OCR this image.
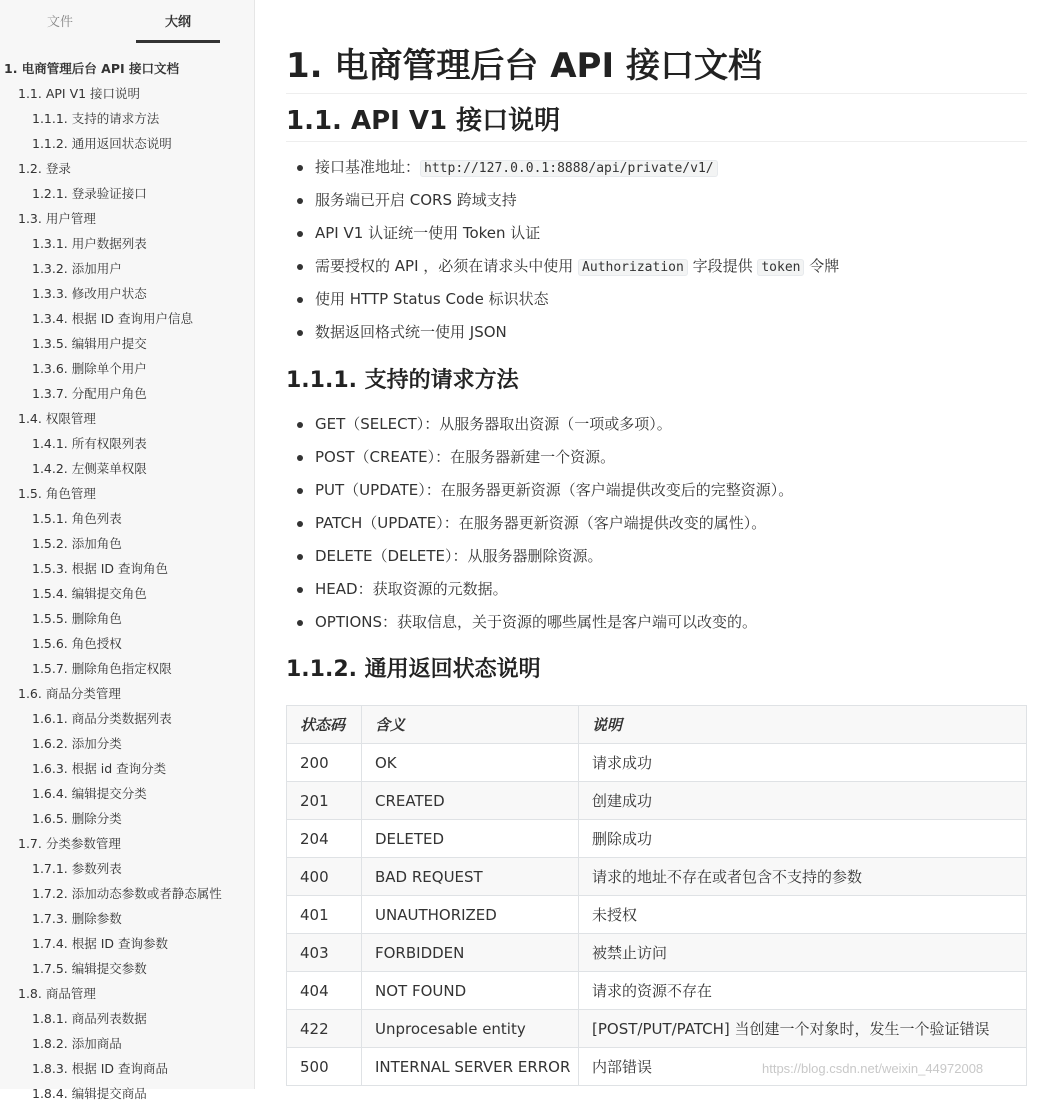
文件	大纲
1. 电商管理后台 API 接口文档
1.1. API V1 接口说明
1.1.1. 支持的请求方法
1.1.2. 通用返回状态说明
1.2. 登录
1.2.1. 登录验证接口
1.3. 用户管理
1.3.1. 用户数据列表
1.3.2. 添加用户
1.3.3. 修改用户状态
1.3.4. 根据 ID 查询用户信息
1.3.5. 编辑用户提交
1.3.6. 删除单个用户
1.3.7. 分配用户角色
1.4. 权限管理
1.4.1. 所有权限列表
1.4.2. 左侧菜单权限
1.5. 角色管理
1.5.1. 角色列表
1.5.2. 添加角色
1.5.3. 根据 ID 查询角色
1.5.4. 编辑提交角色
1.5.5. 删除角色
1.5.6. 角色授权
1.5.7. 删除角色指定权限
1.6. 商品分类管理
1.6.1. 商品分类数据列表
1.6.2. 添加分类
1.6.3. 根据 id 查询分类
1.6.4. 编辑提交分类
1.6.5. 删除分类
1.7. 分类参数管理
1.7.1. 参数列表
1.7.2. 添加动态参数或者静态属性
1.7.3. 删除参数
1.7.4. 根据 ID 查询参数
1.7.5. 编辑提交参数
1.8. 商品管理
1.8.1. 商品列表数据
1.8.2. 添加商品
1.8.3. 根据 ID 查询商品
1.8.4. 编辑提交商品
1. 电商管理后台 API 接口文档
1.1. API V1 接口说明
接口基准地址： http://127.0.0.1:8888/api/private/v1/
服务端已开启 CORS 跨域支持
API V1 认证统一使用 Token 认证
需要授权的 API ，必须在请求头中使用 Authorization 字段提供 token 令牌
使用 HTTP Status Code 标识状态
数据返回格式统一使用 JSON
1.1.1. 支持的请求方法
GET（SELECT）：从服务器取出资源（一项或多项）。
POST（CREATE）：在服务器新建一个资源。
PUT（UPDATE）：在服务器更新资源（客户端提供改变后的完整资源）。
PATCH（UPDATE）：在服务器更新资源（客户端提供改变的属性）。
DELETE（DELETE）：从服务器删除资源。
HEAD：获取资源的元数据。
OPTIONS：获取信息，关于资源的哪些属性是客户端可以改变的。
1.1.2. 通用返回状态说明
状态码	含义	说明
200	OK	请求成功
201	CREATED	创建成功
204	DELETED	删除成功
400	BAD REQUEST	请求的地址不存在或者包含不支持的参数
401	UNAUTHORIZED	未授权
403	FORBIDDEN	被禁止访问
404	NOT FOUND	请求的资源不存在
422	Unprocesable entity	[POST/PUT/PATCH] 当创建一个对象时，发生一个验证错误
500	INTERNAL SERVER ERROR	内部错误	https://blog.csdn.net/weixin_44972008
